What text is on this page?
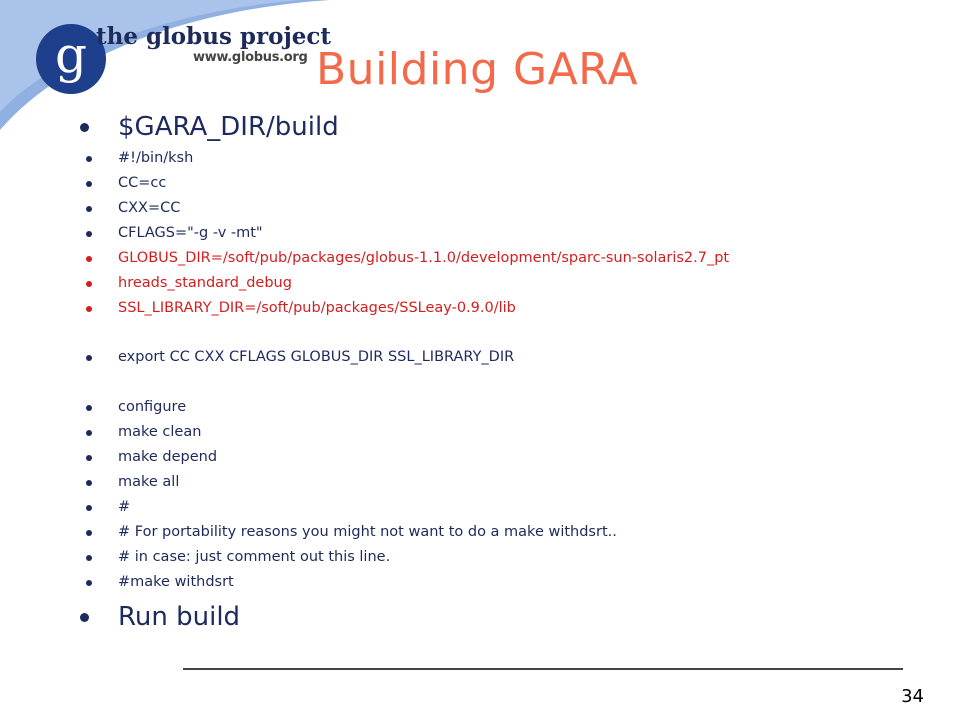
g the globus project
www.globus.org Building GARA
$GARA_DIR/build
#!/bin/ksh
CC=cc
CXX=CC
CFLAGS="-g -v -mt"
GLOBUS_DIR=/soft/pub/packages/globus-1.1.0/development/sparc-sun-solaris2.7_pt
hreads_standard_debug
SSL_LIBRARY_DIR=/soft/pub/packages/SSLeay-0.9.0/lib
export CC CXX CFLAGS GLOBUS_DIR SSL_LIBRARY_DIR
configure
make clean
make depend
make all
#
# For portability reasons you might not want to do a make withdsrt..
# in case: just comment out this line.
#make withdsrt
Run build
34
